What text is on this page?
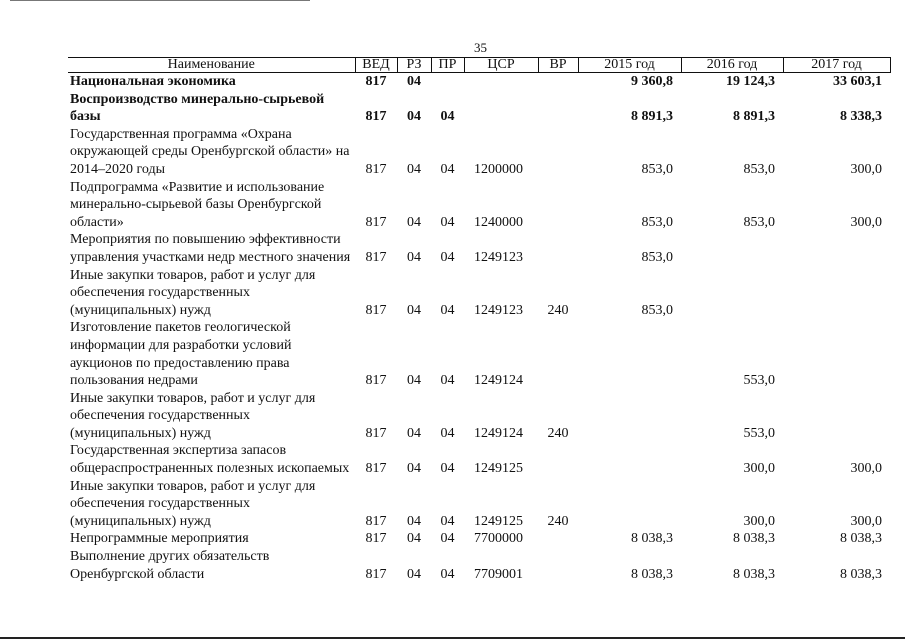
35
Наименование	ВЕД	РЗ	ПР	ЦСР	ВР	2015 год	2016 год	2017 год
Национальная экономика	817	04				9 360,8	19 124,3	33 603,1
Воспроизводство минерально-сырьевой базы	817	04	04			8 891,3	8 891,3	8 338,3
Государственная программа «Охрана окружающей среды Оренбургской области» на 2014–2020 годы	817	04	04	1200000		853,0	853,0	300,0
Подпрограмма «Развитие и использование минерально-сырьевой базы Оренбургской области»	817	04	04	1240000		853,0	853,0	300,0
Мероприятия по повышению эффективности управления участками недр местного значения	817	04	04	1249123		853,0		
Иные закупки товаров, работ и услуг для обеспечения государственных (муниципальных) нужд	817	04	04	1249123	240	853,0		
Изготовление пакетов геологической информации для разработки условий аукционов по предоставлению права пользования недрами	817	04	04	1249124			553,0	
Иные закупки товаров, работ и услуг для обеспечения государственных (муниципальных) нужд	817	04	04	1249124	240		553,0	
Государственная экспертиза запасов общераспространенных полезных ископаемых	817	04	04	1249125			300,0	300,0
Иные закупки товаров, работ и услуг для обеспечения государственных (муниципальных) нужд	817	04	04	1249125	240		300,0	300,0
Непрограммные мероприятия	817	04	04	7700000		8 038,3	8 038,3	8 038,3
Выполнение других обязательств Оренбургской области	817	04	04	7709001		8 038,3	8 038,3	8 038,3
